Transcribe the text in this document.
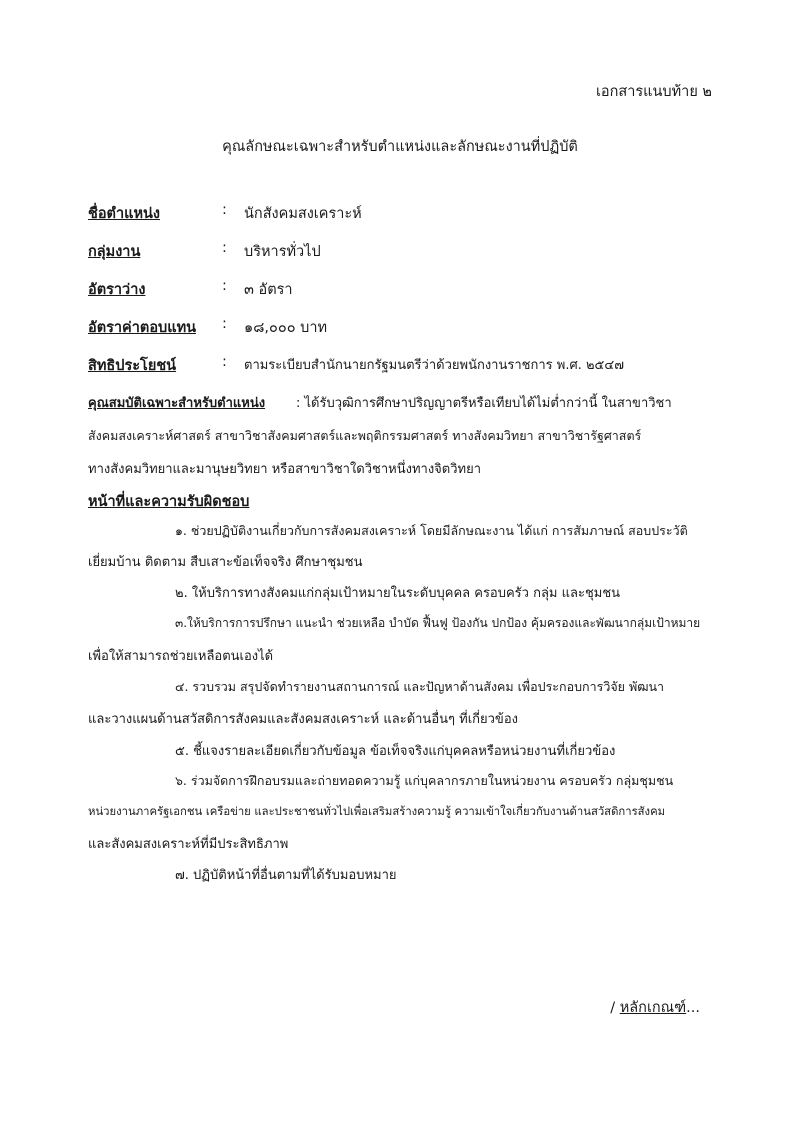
เอกสารแนบท้าย ๒
คุณลักษณะเฉพาะสำหรับตำแหน่งและลักษณะงานที่ปฏิบัติ
ชื่อตำแหน่ง	: นักสังคมสงเคราะห์
กลุ่มงาน	: บริหารทั่วไป
อัตราว่าง	: ๓ อัตรา
อัตราค่าตอบแทน : ๑๘,๐๐๐ บาท
สิทธิประโยชน์	: ตามระเบียบสำนักนายกรัฐมนตรีว่าด้วยพนักงานราชการ พ.ศ. ๒๕๔๗
คุณสมบัติเฉพาะสำหรับตำแหน่ง : ได้รับวุฒิการศึกษาปริญญาตรีหรือเทียบได้ไม่ต่ำกว่านี้ ในสาขาวิชา
สังคมสงเคราะห์ศาสตร์ สาขาวิชาสังคมศาสตร์และพฤติกรรมศาสตร์ ทางสังคมวิทยา สาขาวิชารัฐศาสตร์
ทางสังคมวิทยาและมานุษยวิทยา หรือสาขาวิชาใดวิชาหนึ่งทางจิตวิทยา
หน้าที่และความรับผิดชอบ
๑. ช่วยปฏิบัติงานเกี่ยวกับการสังคมสงเคราะห์ โดยมีลักษณะงาน ได้แก่ การสัมภาษณ์ สอบประวัติ
เยี่ยมบ้าน ติดตาม สืบเสาะข้อเท็จจริง ศึกษาชุมชน
๒. ให้บริการทางสังคมแก่กลุ่มเป้าหมายในระดับบุคคล ครอบครัว กลุ่ม และชุมชน
๓.ให้บริการการปรึกษา แนะนำ ช่วยเหลือ บำบัด ฟื้นฟู ป้องกัน ปกป้อง คุ้มครองและพัฒนากลุ่มเป้าหมาย
เพื่อให้สามารถช่วยเหลือตนเองได้
๔. รวบรวม สรุปจัดทำรายงานสถานการณ์ และปัญหาด้านสังคม เพื่อประกอบการวิจัย พัฒนา
และวางแผนด้านสวัสดิการสังคมและสังคมสงเคราะห์ และด้านอื่นๆ ที่เกี่ยวข้อง
๕. ชี้แจงรายละเอียดเกี่ยวกับข้อมูล ข้อเท็จจริงแก่บุคคลหรือหน่วยงานที่เกี่ยวข้อง
๖. ร่วมจัดการฝึกอบรมและถ่ายทอดความรู้ แก่บุคลากรภายในหน่วยงาน ครอบครัว กลุ่มชุมชน
หน่วยงานภาครัฐเอกชน เครือข่าย และประชาชนทั่วไปเพื่อเสริมสร้างความรู้ ความเข้าใจเกี่ยวกับงานด้านสวัสดิการสังคม
และสังคมสงเคราะห์ที่มีประสิทธิภาพ
๗. ปฏิบัติหน้าที่อื่นตามที่ได้รับมอบหมาย
/ หลักเกณฑ์...
